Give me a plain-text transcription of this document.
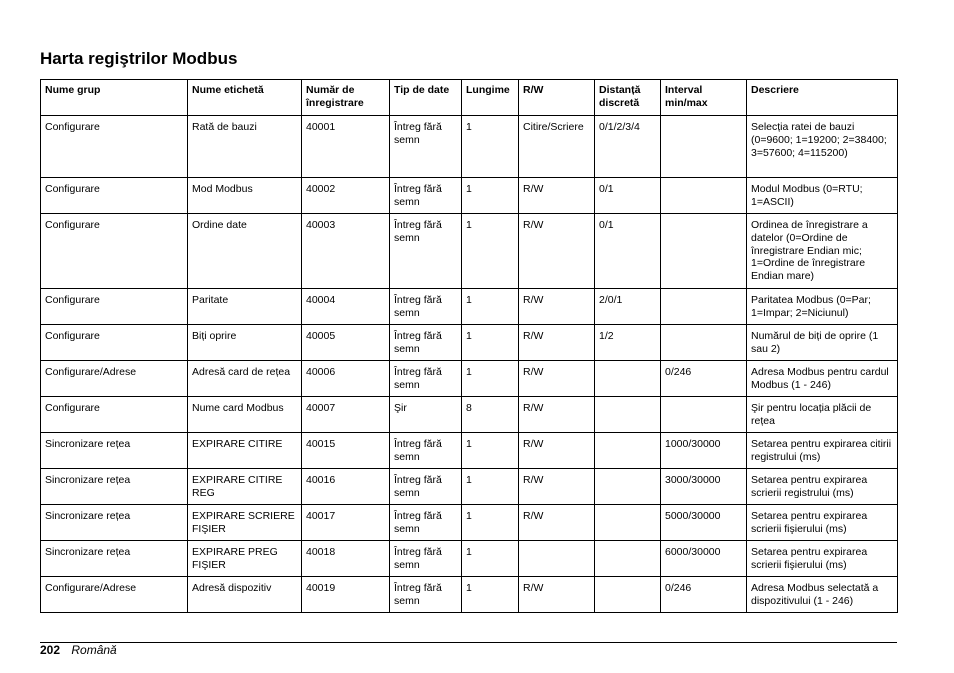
Harta regiştrilor Modbus
Nume grup	Nume etichetă	Număr de înregistrare	Tip de date	Lungime	R/W	Distanță discretă	Interval min/max	Descriere
Configurare	Rată de bauzi	40001	Întreg fără semn	1	Citire/Scriere	0/1/2/3/4		Selecția ratei de bauzi (0=9600; 1=19200; 2=38400; 3=57600; 4=115200)
Configurare	Mod Modbus	40002	Întreg fără semn	1	R/W	0/1		Modul Modbus (0=RTU; 1=ASCII)
Configurare	Ordine date	40003	Întreg fără semn	1	R/W	0/1		Ordinea de înregistrare a datelor (0=Ordine de înregistrare Endian mic; 1=Ordine de înregistrare Endian mare)
Configurare	Paritate	40004	Întreg fără semn	1	R/W	2/0/1		Paritatea Modbus (0=Par; 1=Impar; 2=Niciunul)
Configurare	Biți oprire	40005	Întreg fără semn	1	R/W	1/2		Numărul de biți de oprire (1 sau 2)
Configurare/Adrese	Adresă card de rețea	40006	Întreg fără semn	1	R/W		0/246	Adresa Modbus pentru cardul Modbus (1 - 246)
Configurare	Nume card Modbus	40007	Şir	8	R/W			Şir pentru locația plăcii de rețea
Sincronizare rețea	EXPIRARE CITIRE	40015	Întreg fără semn	1	R/W		1000/30000	Setarea pentru expirarea citirii registrului (ms)
Sincronizare rețea	EXPIRARE CITIRE REG	40016	Întreg fără semn	1	R/W		3000/30000	Setarea pentru expirarea scrierii registrului (ms)
Sincronizare rețea	EXPIRARE SCRIERE FIŞIER	40017	Întreg fără semn	1	R/W		5000/30000	Setarea pentru expirarea scrierii fişierului (ms)
Sincronizare rețea	EXPIRARE PREG FIŞIER	40018	Întreg fără semn	1			6000/30000	Setarea pentru expirarea scrierii fişierului (ms)
Configurare/Adrese	Adresă dispozitiv	40019	Întreg fără semn	1	R/W		0/246	Adresa Modbus selectată a dispozitivului (1 - 246)
202 Română
